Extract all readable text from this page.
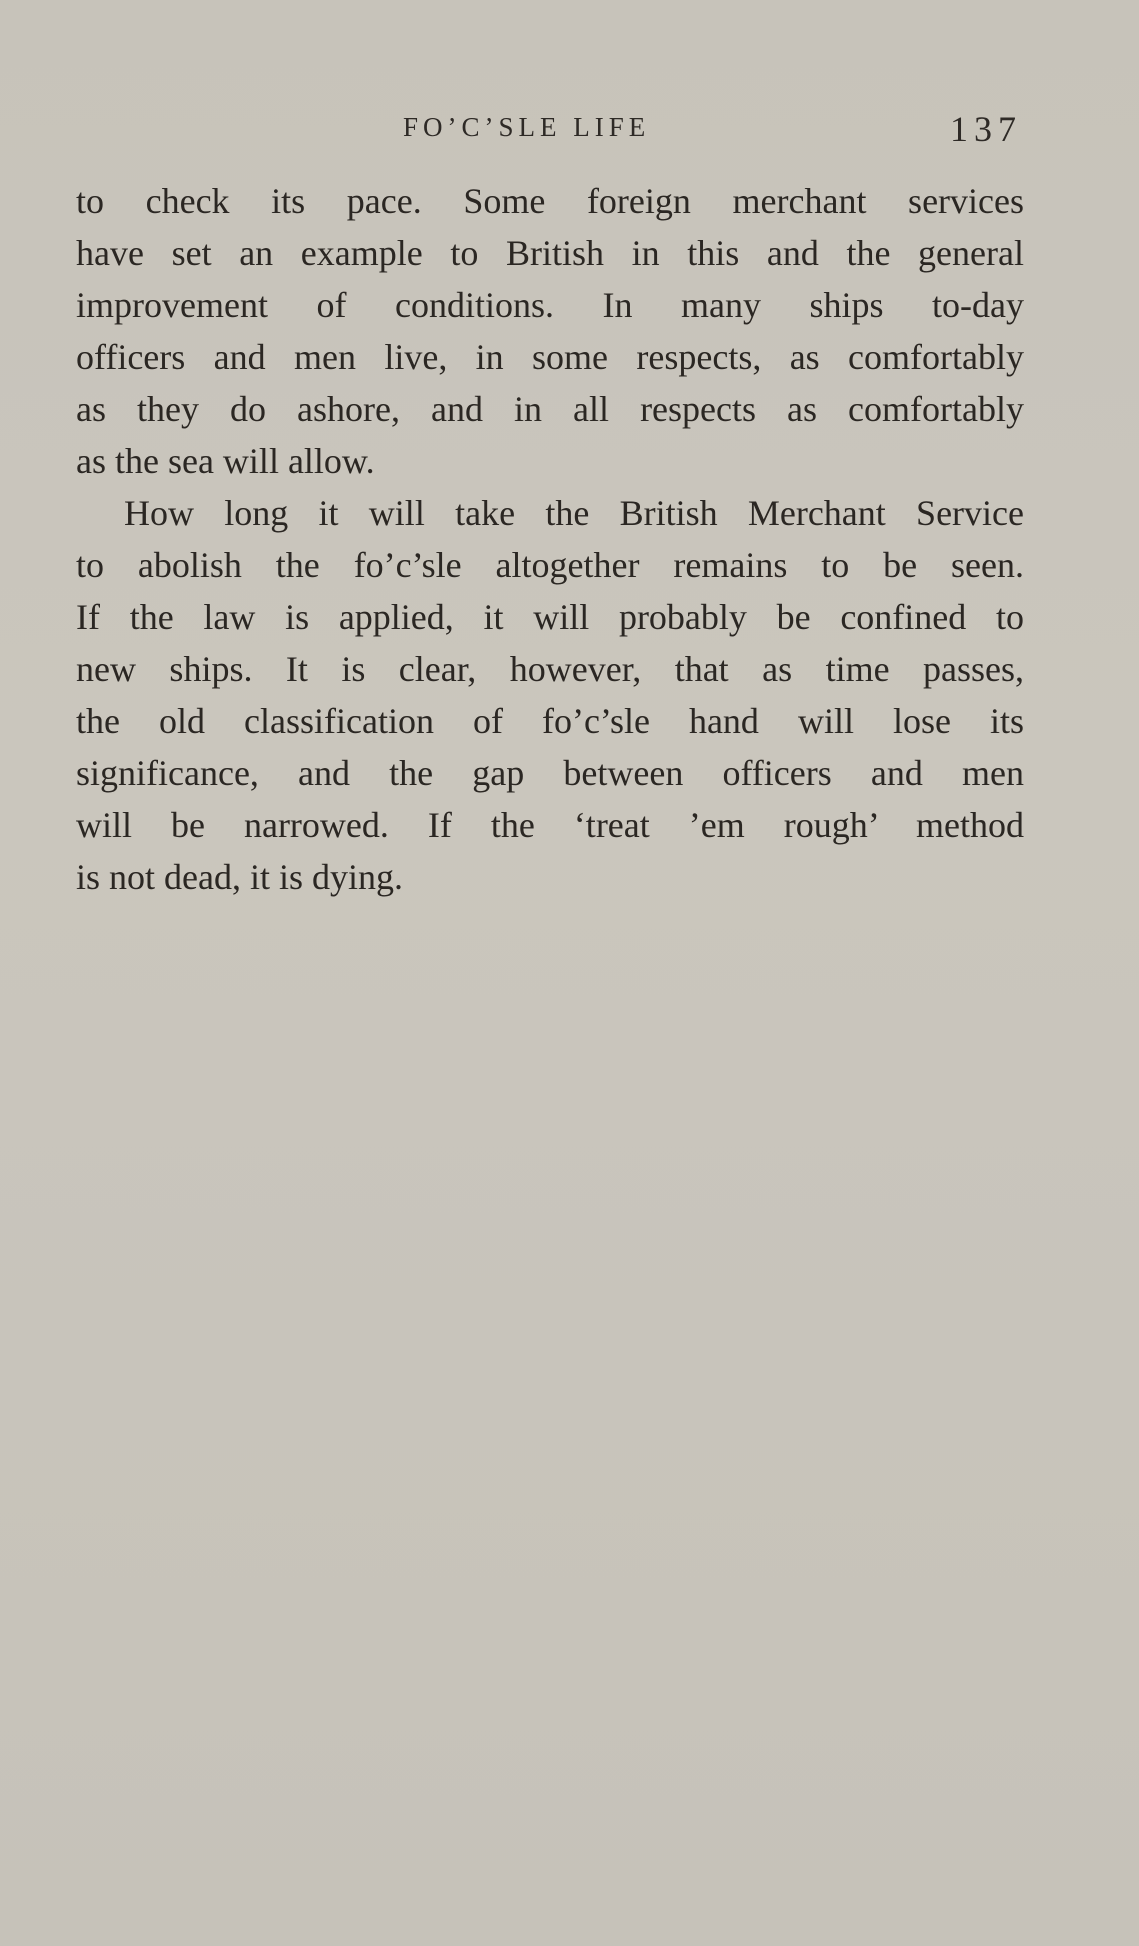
FO’C’SLE LIFE	137
to check its pace. Some foreign merchant services
have set an example to British in this and the general
improvement of conditions. In many ships to-day
officers and men live, in some respects, as comfortably
as they do ashore, and in all respects as comfortably
as the sea will allow.
How long it will take the British Merchant Service
to abolish the fo’c’sle altogether remains to be seen.
If the law is applied, it will probably be confined to
new ships. It is clear, however, that as time passes,
the old classification of fo’c’sle hand will lose its
significance, and the gap between officers and men
will be narrowed. If the ‘treat ’em rough’ method
is not dead, it is dying.
